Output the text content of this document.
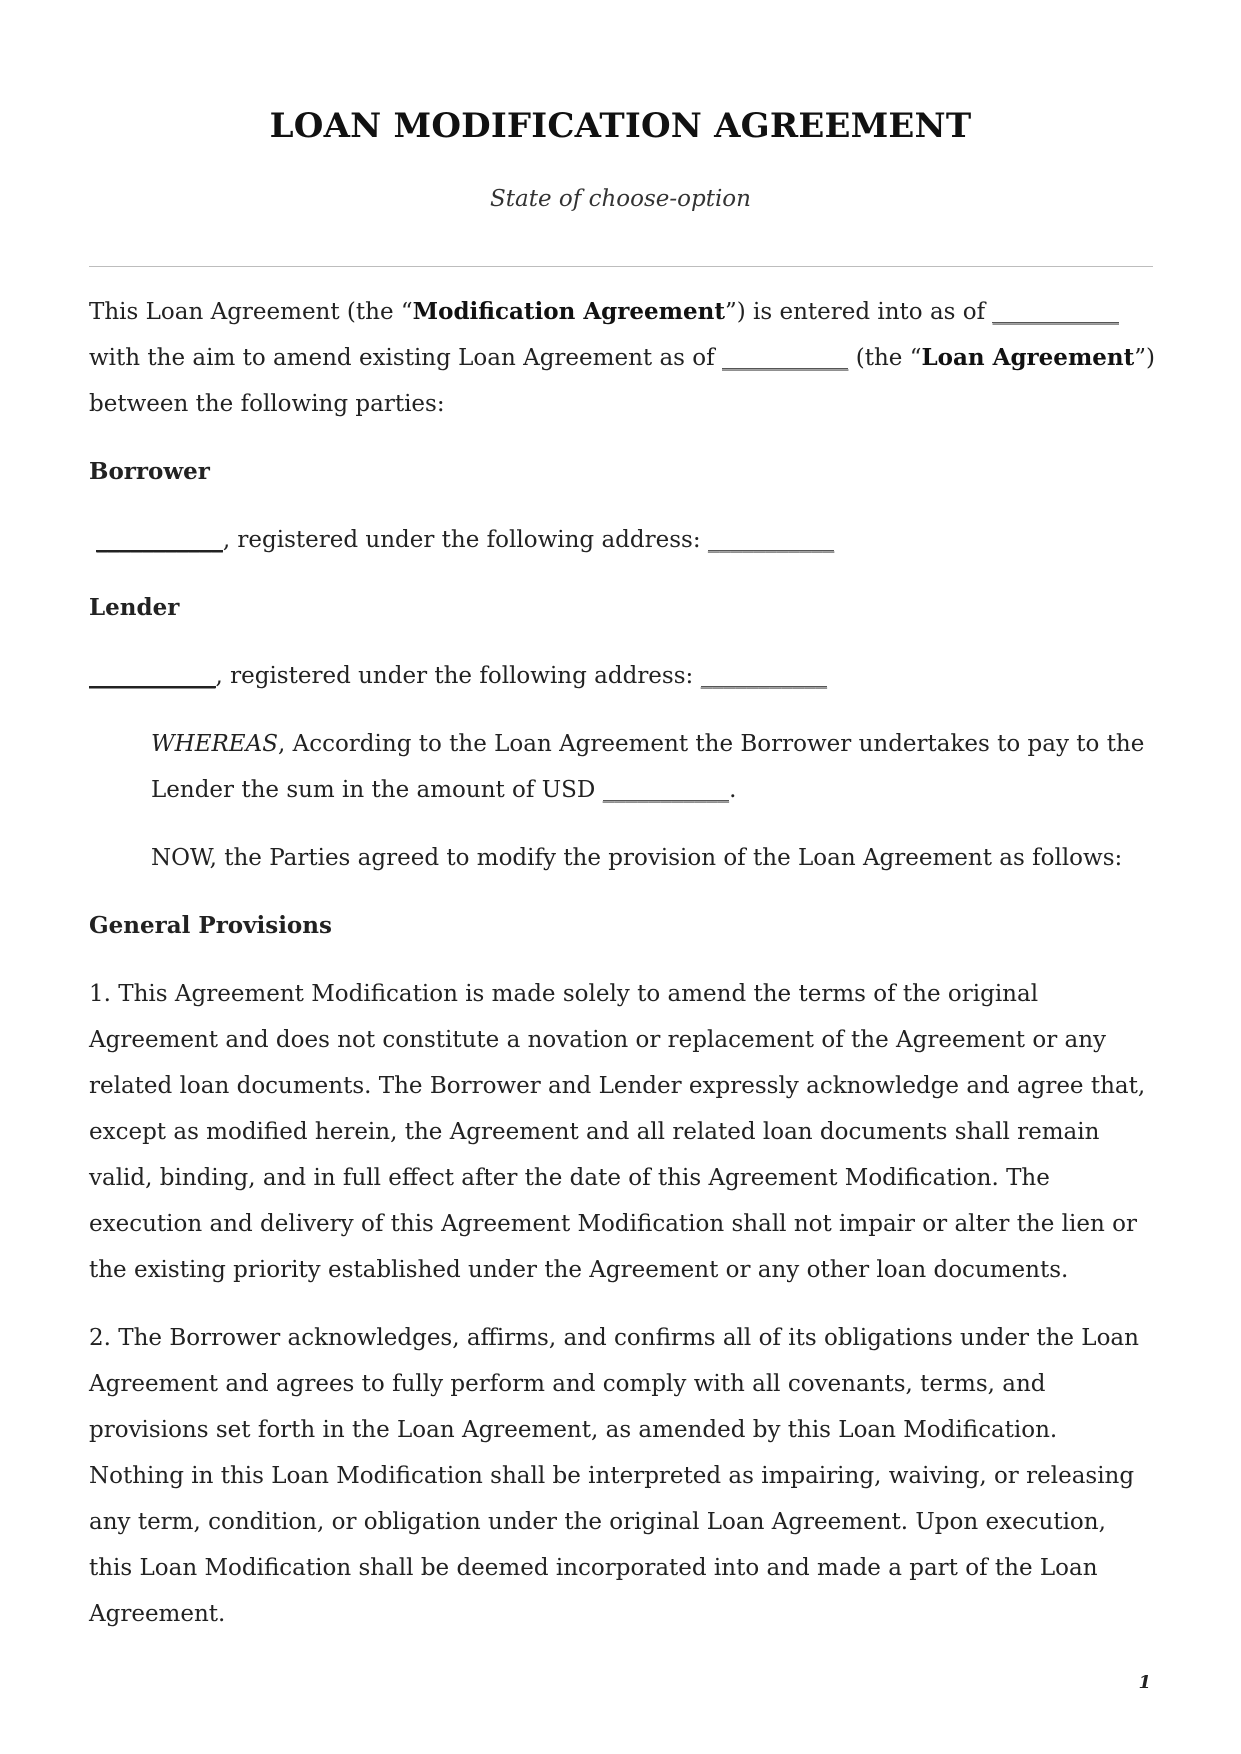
LOAN MODIFICATION AGREEMENT
State of choose-option

This Loan Agreement (the “Modification Agreement”) is entered into as of ___________ with the aim to amend existing Loan Agreement as of ___________ (the “Loan Agreement”) between the following parties:

Borrower

___________, registered under the following address: ___________

Lender

___________, registered under the following address: ___________

WHEREAS, According to the Loan Agreement the Borrower undertakes to pay to the Lender the sum in the amount of USD ___________.

NOW, the Parties agreed to modify the provision of the Loan Agreement as follows:

General Provisions

1. This Agreement Modification is made solely to amend the terms of the original Agreement and does not constitute a novation or replacement of the Agreement or any related loan documents. The Borrower and Lender expressly acknowledge and agree that, except as modified herein, the Agreement and all related loan documents shall remain valid, binding, and in full effect after the date of this Agreement Modification. The execution and delivery of this Agreement Modification shall not impair or alter the lien or the existing priority established under the Agreement or any other loan documents.

2. The Borrower acknowledges, affirms, and confirms all of its obligations under the Loan Agreement and agrees to fully perform and comply with all covenants, terms, and provisions set forth in the Loan Agreement, as amended by this Loan Modification. Nothing in this Loan Modification shall be interpreted as impairing, waiving, or releasing any term, condition, or obligation under the original Loan Agreement. Upon execution, this Loan Modification shall be deemed incorporated into and made a part of the Loan Agreement.

1
